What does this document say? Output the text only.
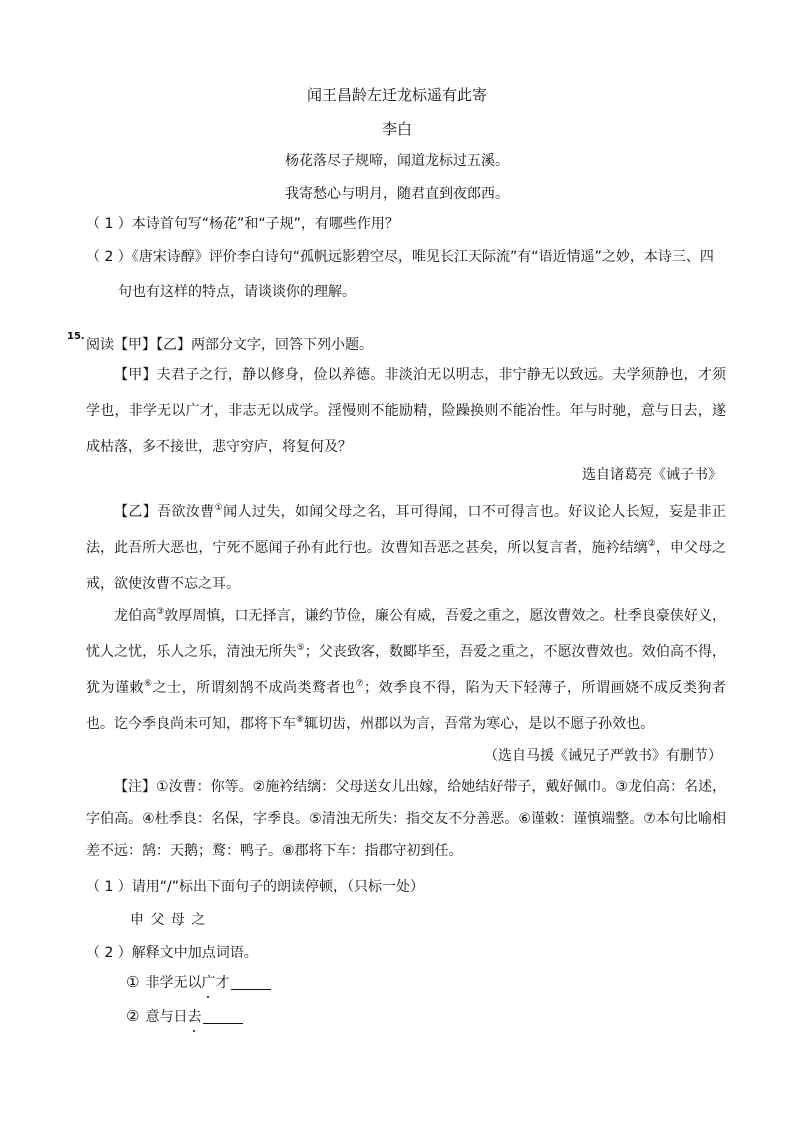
闻王昌龄左迁龙标遥有此寄
李白
杨花落尽子规啼，闻道龙标过五溪。
我寄愁心与明月，随君直到夜郎西。
（ 1 ）本诗首句写“杨花”和“子规”，有哪些作用？
（ 2 ）《唐宋诗醇》评价李白诗句“孤帆远影碧空尽，唯见长江天际流”有“语近情遥”之妙，本诗三、四
句也有这样的特点，请谈谈你的理解。
15.
阅读【甲】【乙】两部分文字，回答下列小题。
【甲】夫君子之行，静以修身，俭以养德。非淡泊无以明志，非宁静无以致远。夫学须静也，才须学也，非学无以广才，非志无以成学。淫慢则不能励精，险躁换则不能冶性。年与时驰，意与日去，遂成枯落，多不接世，悲守穷庐，将复何及？
选自诸葛亮《诫子书》
【乙】吾欲汝曹①闻人过失，如闻父母之名，耳可得闻，口不可得言也。好议论人长短，妄是非正法，此吾所大恶也，宁死不愿闻子孙有此行也。汝曹知吾恶之甚矣，所以复言者，施衿结缡②，申父母之戒，欲使汝曹不忘之耳。
龙伯高③敦厚周慎，口无择言，谦约节俭，廉公有威，吾爱之重之，愿汝曹效之。杜季良豪侠好义，忧人之忧，乐人之乐，清浊无所失⑤；父丧致客，数郾毕至，吾爱之重之，不愿汝曹效也。效伯高不得，犹为谨敕⑥之士，所谓刻鹄不成尚类鹜者也⑦；效季良不得，陷为天下轻薄子，所谓画娆不成反类狗者也。讫今季良尚未可知，郡将下车⑧辄切齿，州郡以为言，吾常为寒心，是以不愿子孙效也。
（选自马援《诫兄子严敦书》有删节）
【注】①汝曹：你等。②施衿结缡：父母送女儿出嫁，给她结好带子，戴好佩巾。③龙伯高：名述，字伯高。④杜季良：名保，字季良。⑤清浊无所失：指交友不分善恶。⑥谨敕：谨慎端整。⑦本句比喻相差不远：鹄：天鹅；鹜：鸭子。⑧郡将下车：指郡守初到任。
（ 1 ）请用“/”标出下面句子的朗读停顿，（只标一处）
申 父 母 之
（ 2 ）解释文中加点词语。
① 非学无以广才
② 意与日去
